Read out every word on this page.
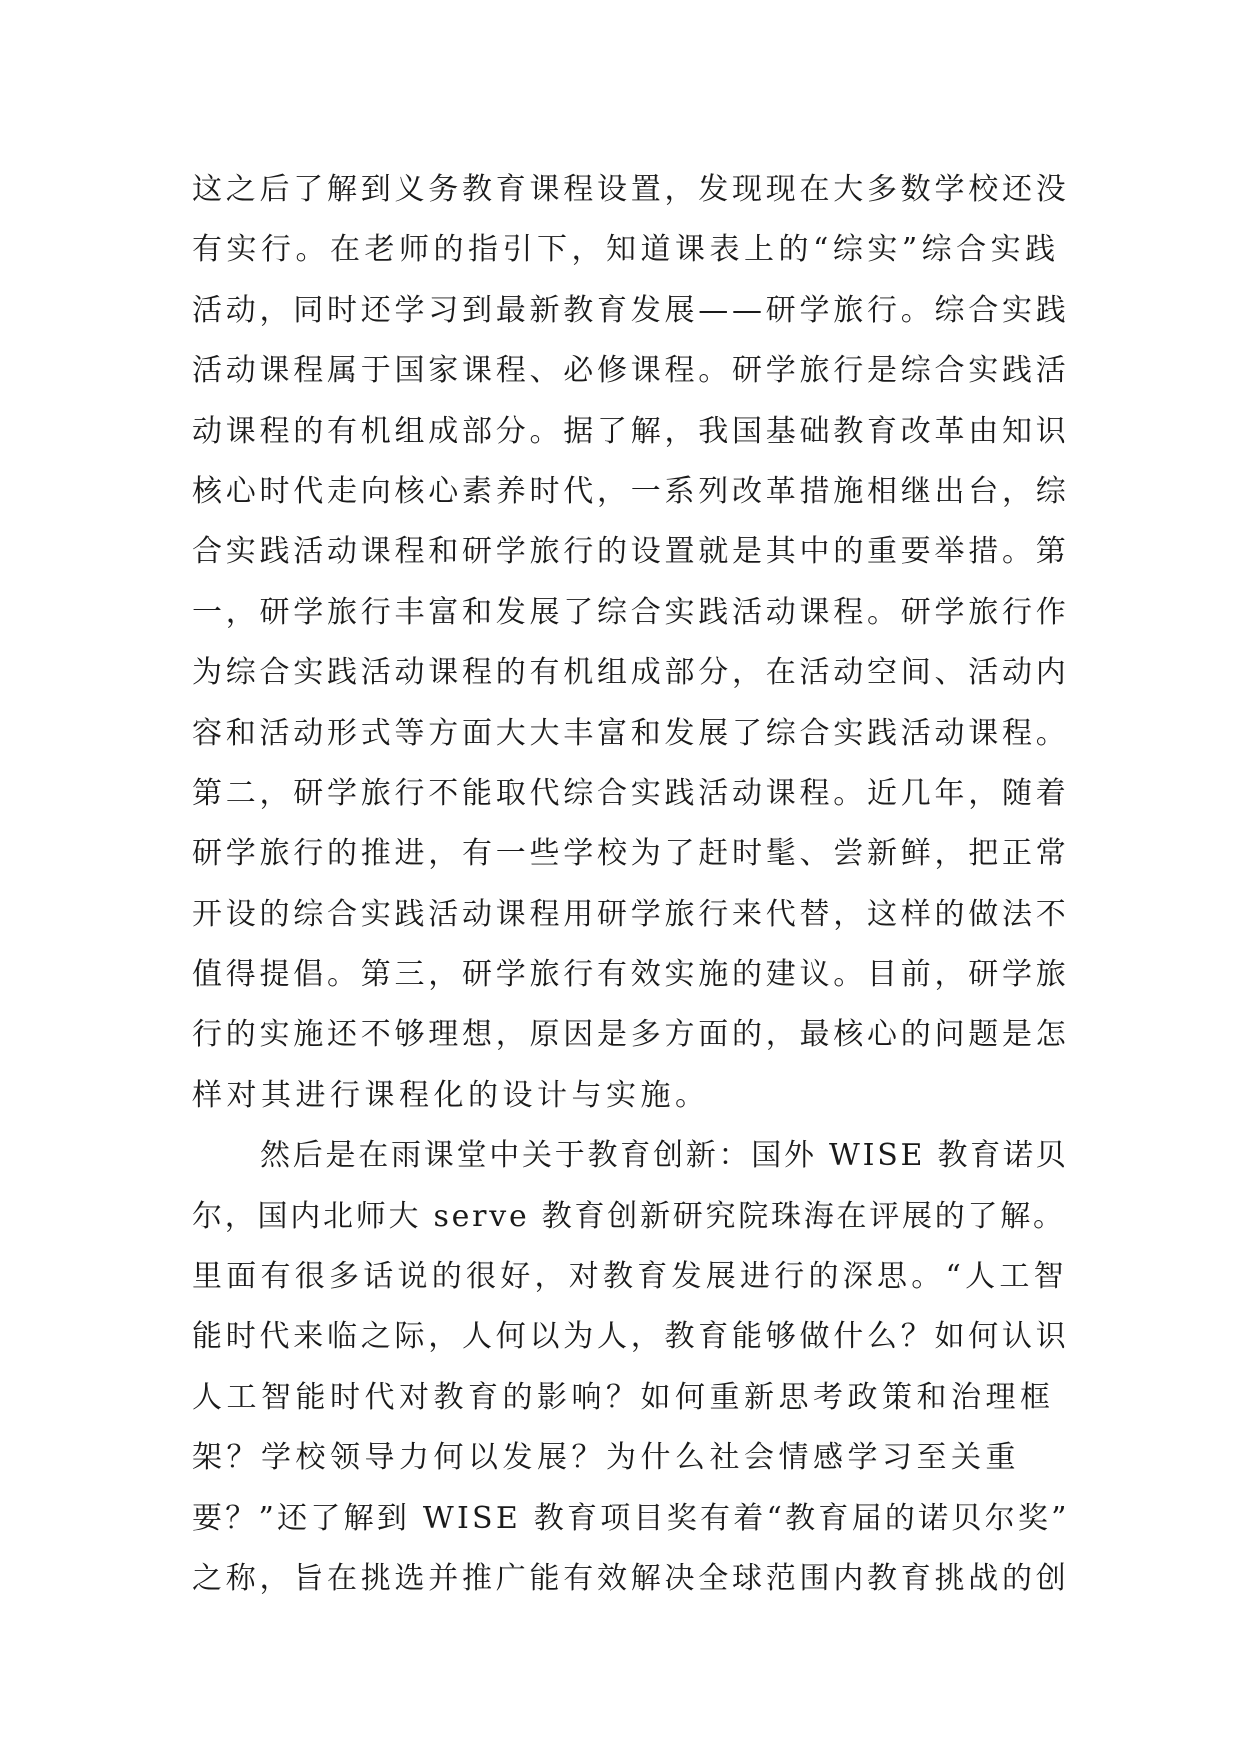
这之后了解到义务教育课程设置，发现现在大多数学校还没
有实行。在老师的指引下，知道课表上的“综实”综合实践
活动，同时还学习到最新教育发展——研学旅行。综合实践
活动课程属于国家课程、必修课程。研学旅行是综合实践活
动课程的有机组成部分。据了解，我国基础教育改革由知识
核心时代走向核心素养时代，一系列改革措施相继出台，综
合实践活动课程和研学旅行的设置就是其中的重要举措。第
一，研学旅行丰富和发展了综合实践活动课程。研学旅行作
为综合实践活动课程的有机组成部分，在活动空间、活动内
容和活动形式等方面大大丰富和发展了综合实践活动课程。
第二，研学旅行不能取代综合实践活动课程。近几年，随着
研学旅行的推进，有一些学校为了赶时髦、尝新鲜，把正常
开设的综合实践活动课程用研学旅行来代替，这样的做法不
值得提倡。第三，研学旅行有效实施的建议。目前，研学旅
行的实施还不够理想，原因是多方面的，最核心的问题是怎
样对其进行课程化的设计与实施。
然后是在雨课堂中关于教育创新：国外 WISE 教育诺贝
尔，国内北师大 serve 教育创新研究院珠海在评展的了解。
里面有很多话说的很好，对教育发展进行的深思。“人工智
能时代来临之际，人何以为人，教育能够做什么？如何认识
人工智能时代对教育的影响？如何重新思考政策和治理框
架？学校领导力何以发展？为什么社会情感学习至关重
要？”还了解到 WISE 教育项目奖有着“教育届的诺贝尔奖”
之称，旨在挑选并推广能有效解决全球范围内教育挑战的创
